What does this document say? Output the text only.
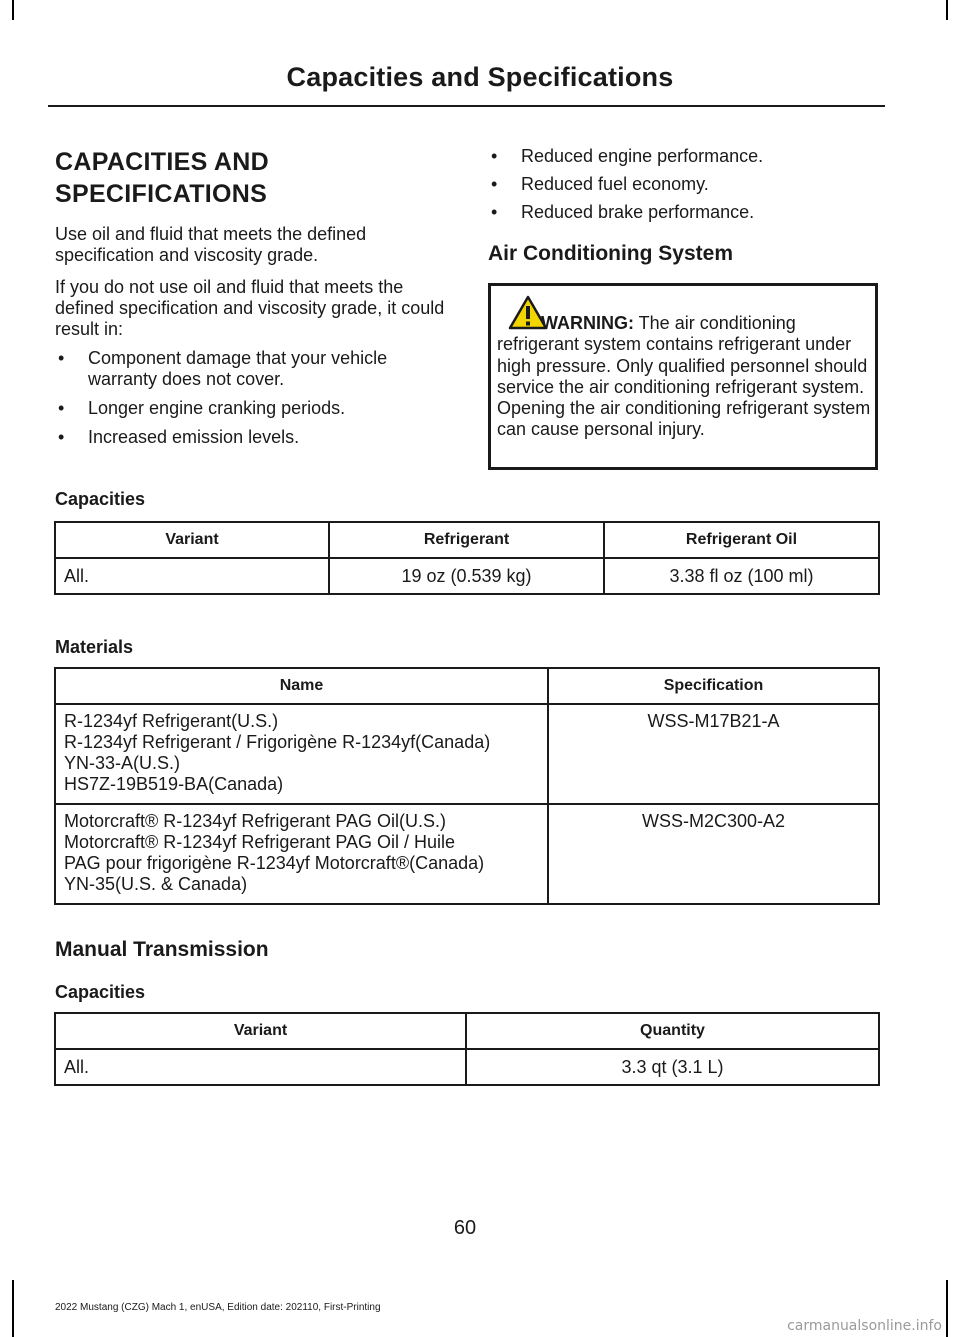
Capacities and Specifications
CAPACITIES AND
SPECIFICATIONS

Use oil and fluid that meets the defined specification and viscosity grade.

If you do not use oil and fluid that meets the defined specification and viscosity grade, it could result in:

• Component damage that your vehicle warranty does not cover.
• Longer engine cranking periods.
• Increased emission levels.
• Reduced engine performance.
• Reduced fuel economy.
• Reduced brake performance.
Air Conditioning System
WARNING: The air conditioning refrigerant system contains refrigerant under high pressure. Only qualified personnel should service the air conditioning refrigerant system. Opening the air conditioning refrigerant system can cause personal injury.
Capacities
Variant	Refrigerant	Refrigerant Oil
All.	19 oz (0.539 kg)	3.38 fl oz (100 ml)
Materials
Name	Specification

R-1234yf Refrigerant(U.S.)
R-1234yf Refrigerant / Frigorigène R-1234yf(Canada)
YN-33-A(U.S.)
HS7Z-19B519-BA(Canada)	WSS-M17B21-A

Motorcraft® R-1234yf Refrigerant PAG Oil(U.S.)
Motorcraft® R-1234yf Refrigerant PAG Oil / Huile
PAG pour frigorigène R-1234yf Motorcraft®(Canada)
YN-35(U.S. & Canada)	WSS-M2C300-A2
Manual Transmission
Capacities
Variant	Quantity
All.	3.3 qt (3.1 L)
60
2022 Mustang (CZG) Mach 1, enUSA, Edition date: 202110, First-Printing
carmanualsonline.info
